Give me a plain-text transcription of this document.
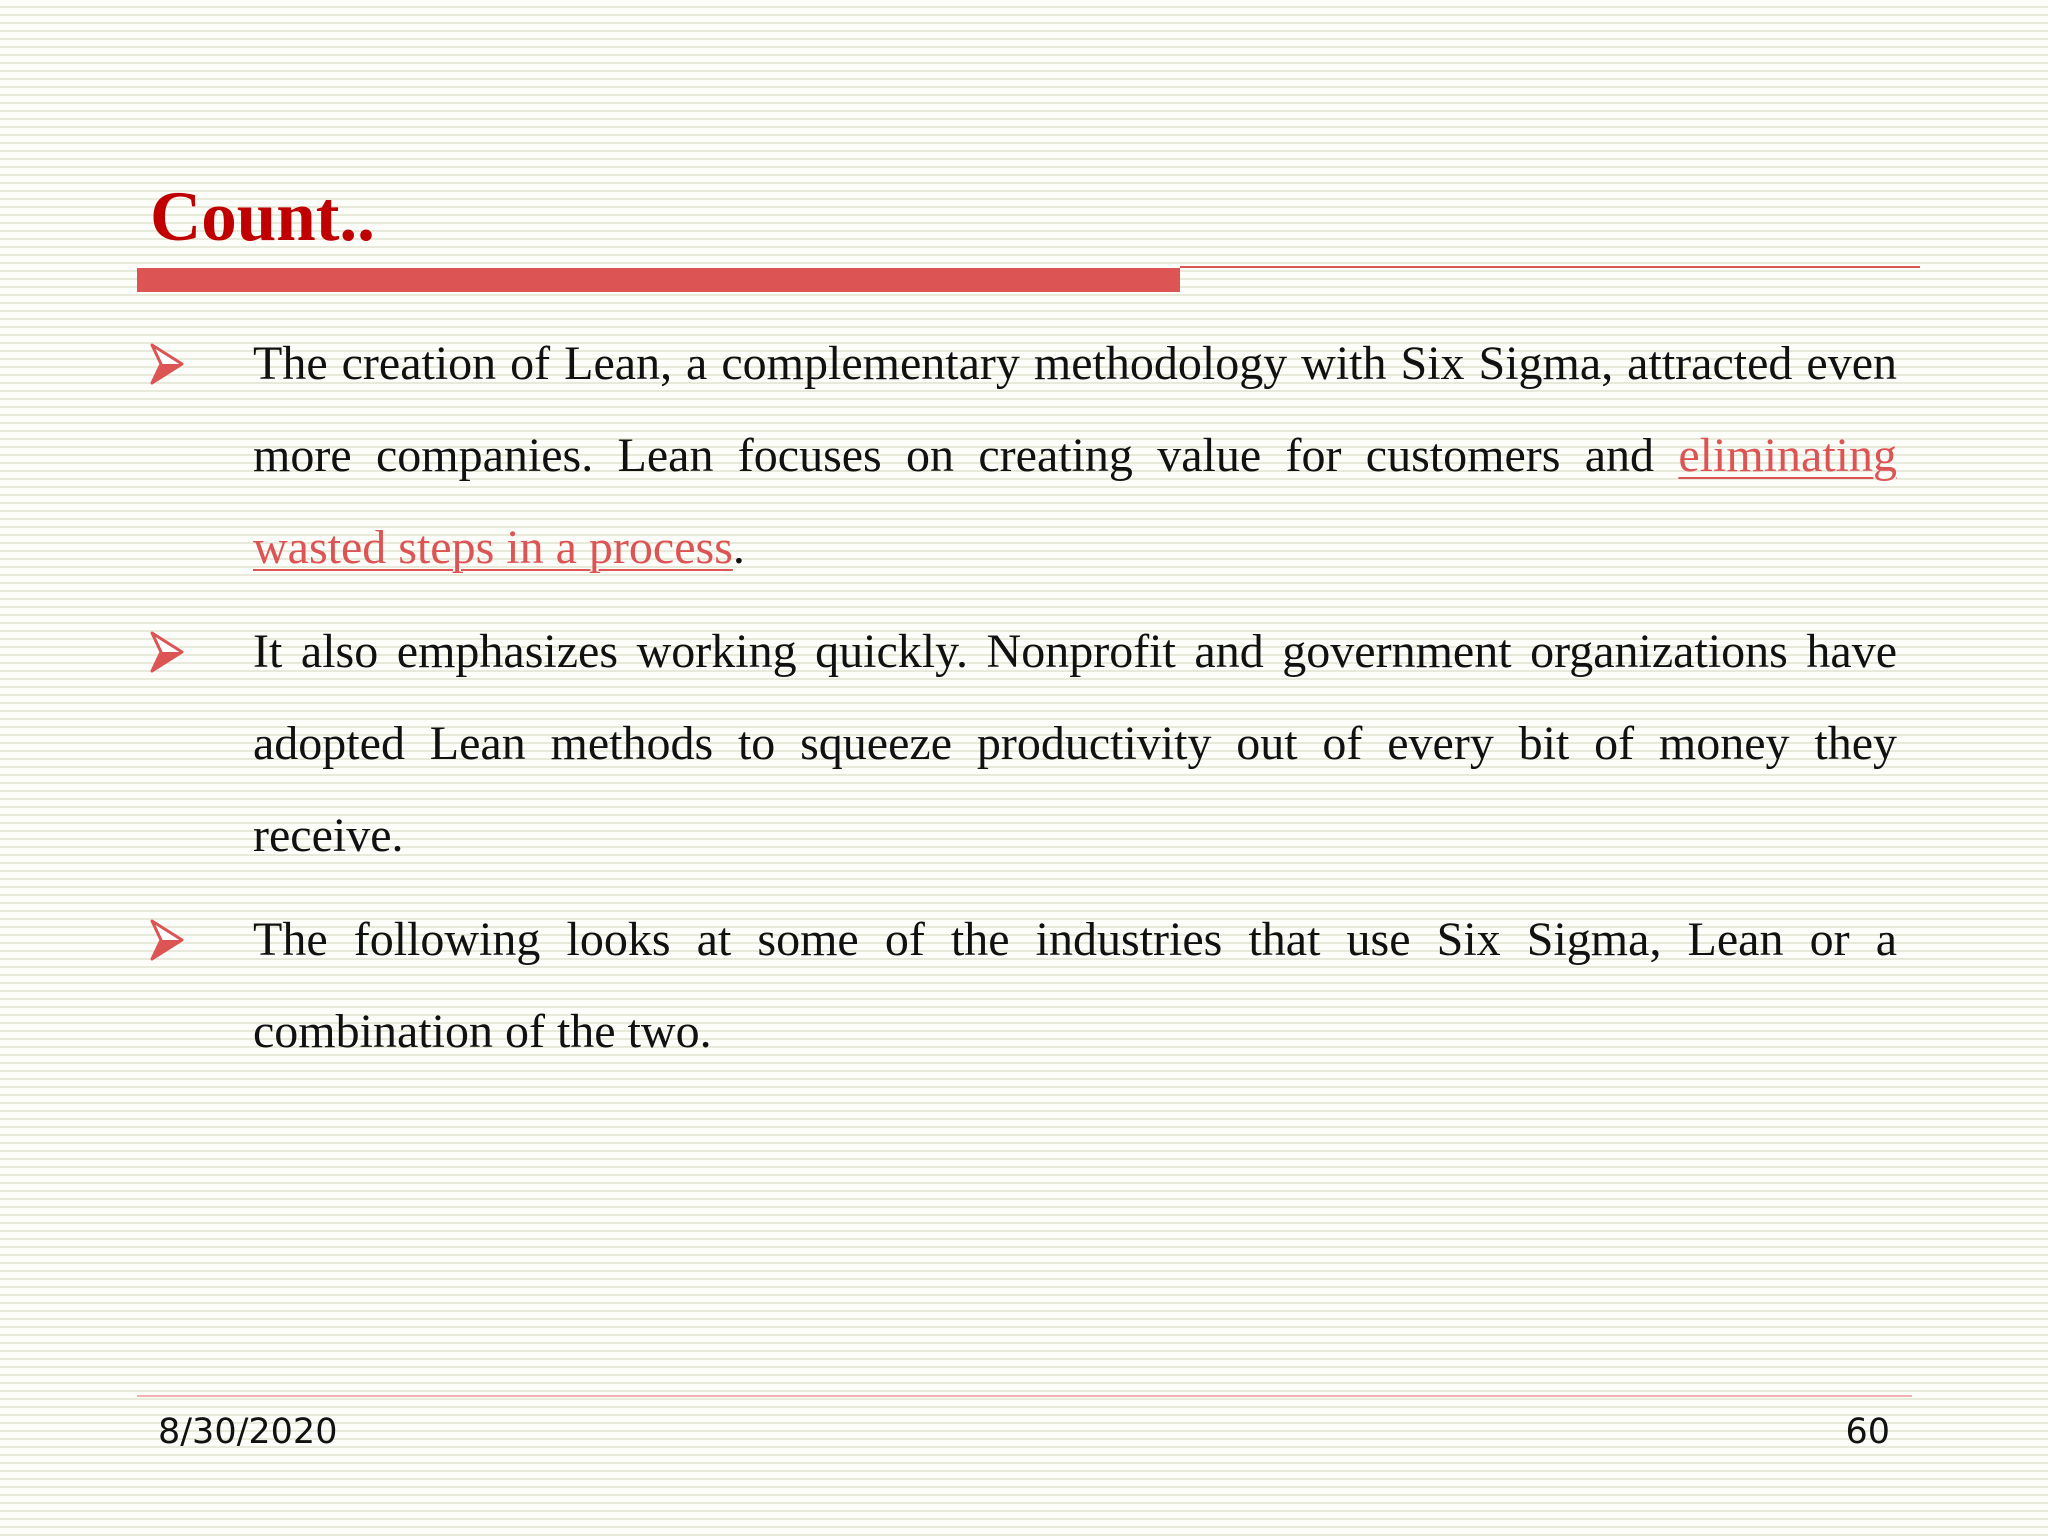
Count..

The creation of Lean, a complementary methodology with Six Sigma, attracted even more companies. Lean focuses on creating value for customers and eliminating wasted steps in a process.

It also emphasizes working quickly. Nonprofit and government organizations have adopted Lean methods to squeeze productivity out of every bit of money they receive.

The following looks at some of the industries that use Six Sigma, Lean or a combination of the two.

8/30/2020	60
